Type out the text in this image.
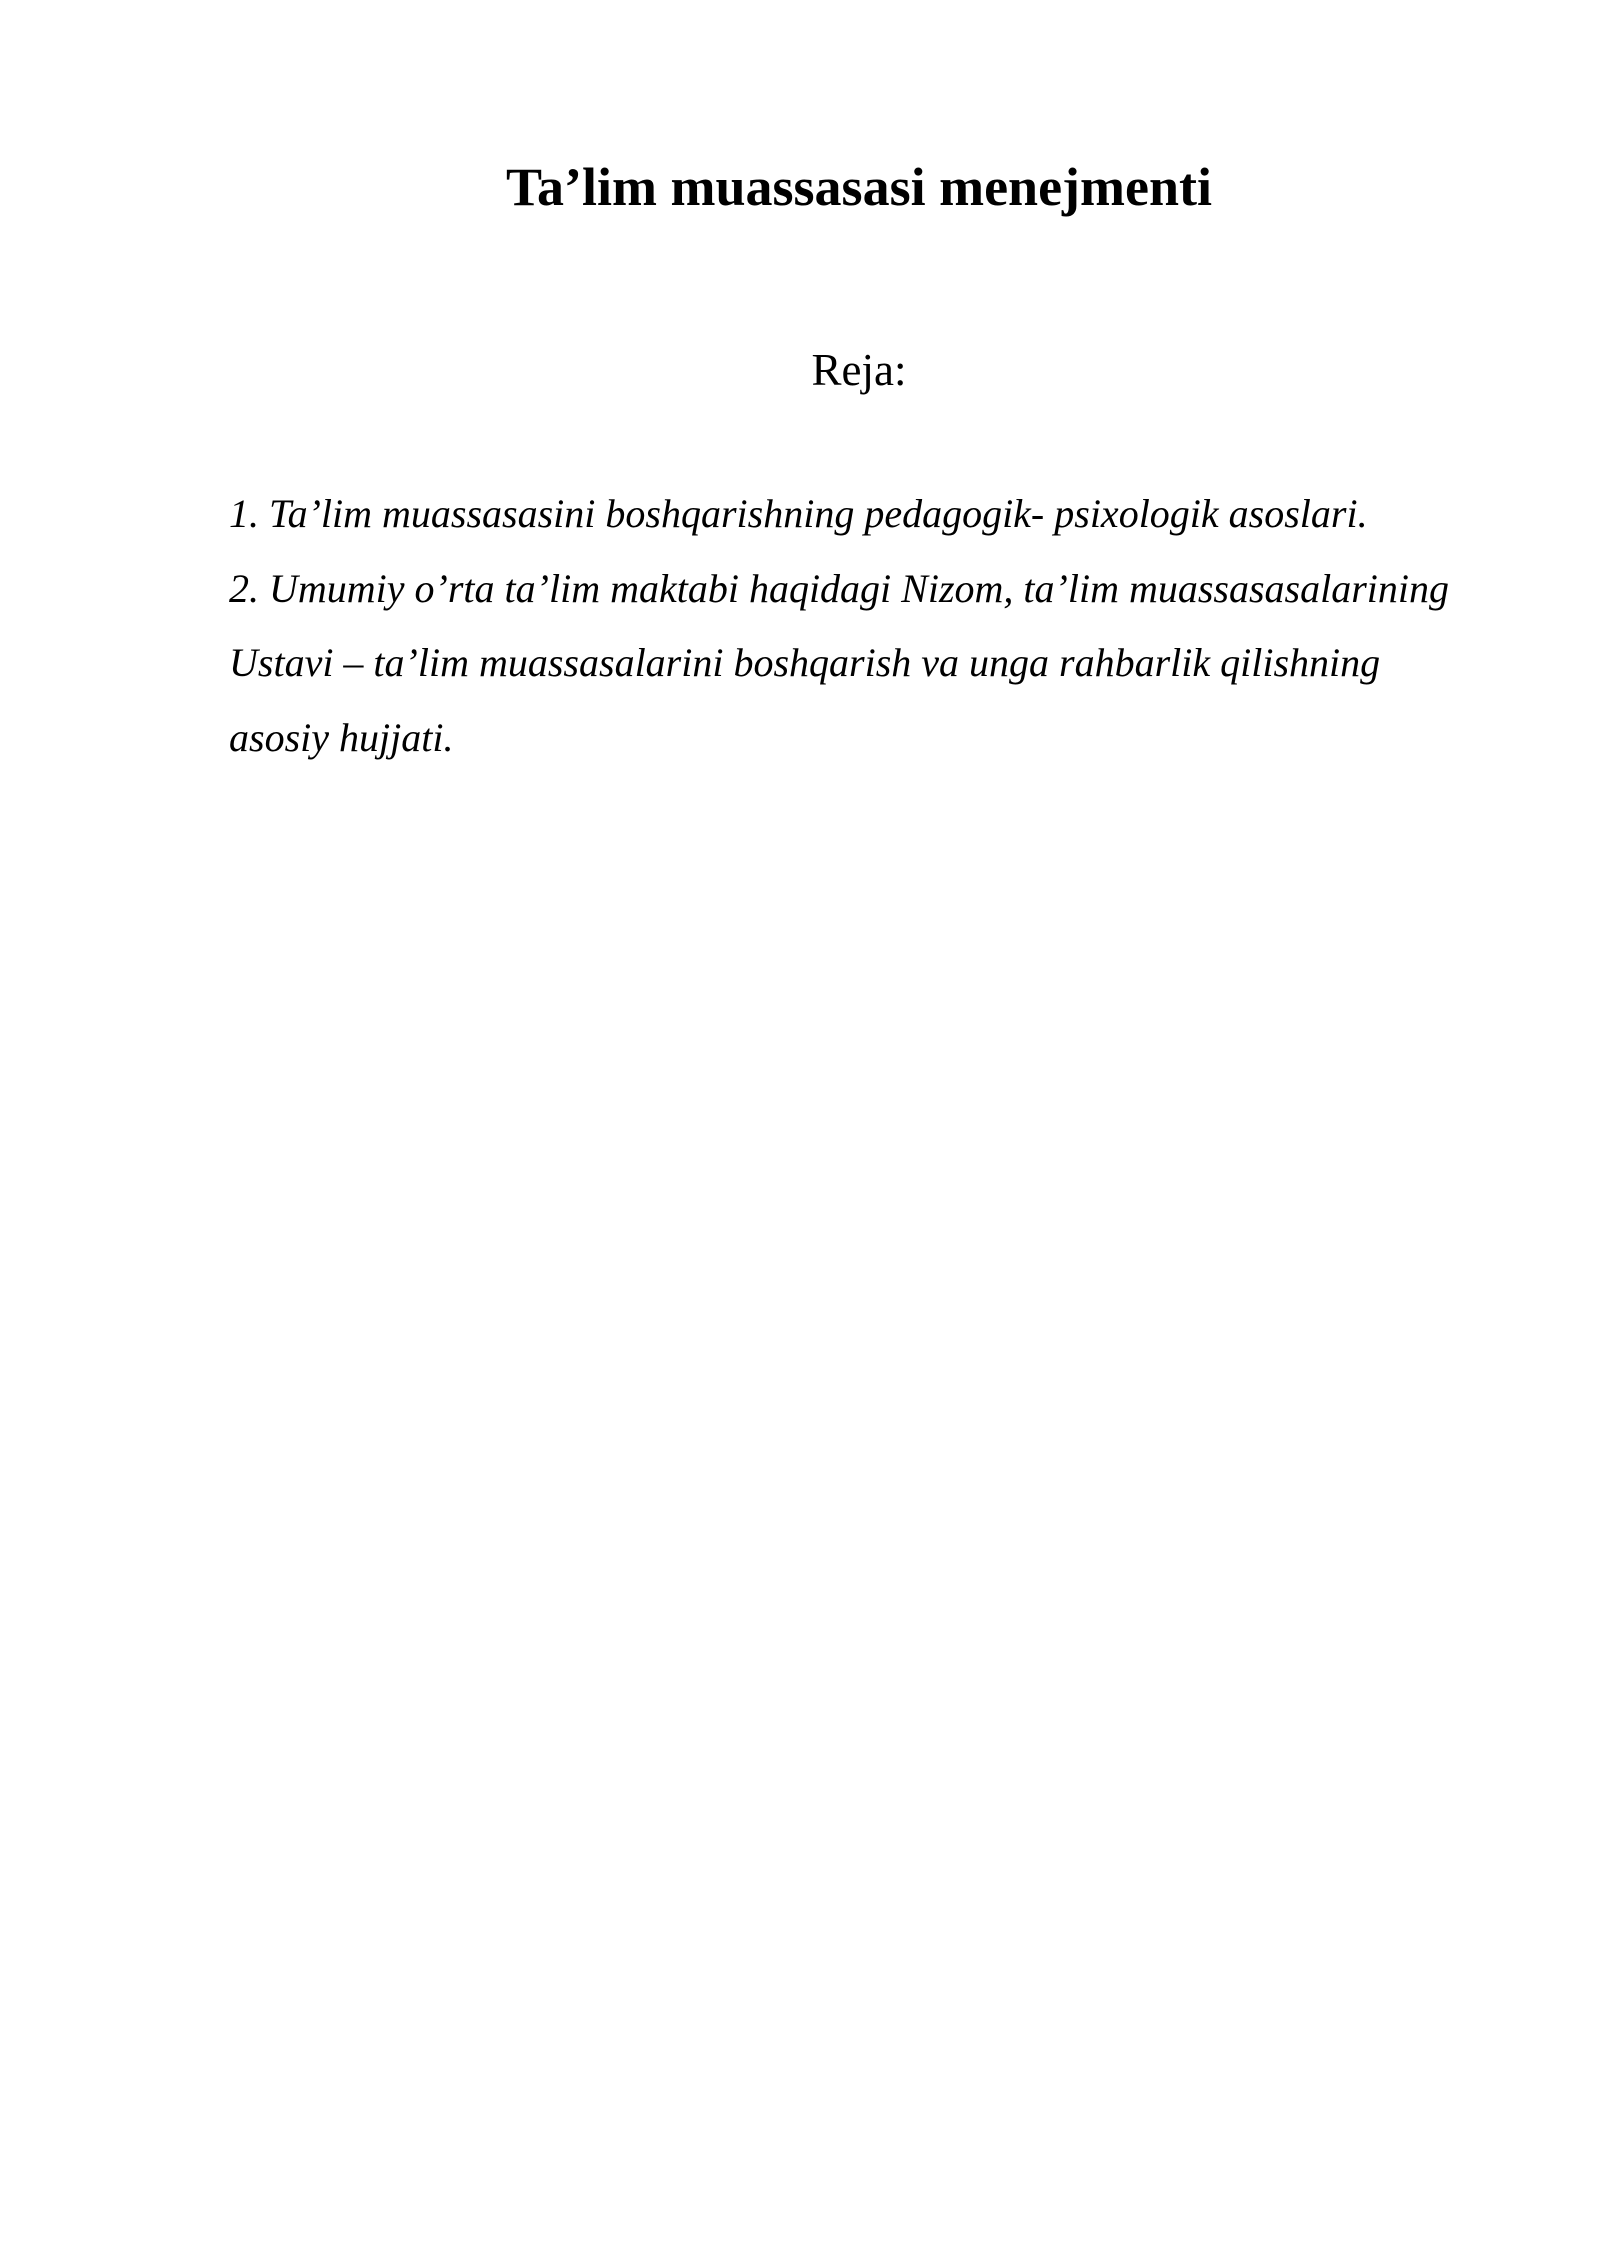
Ta’lim muassasasi menejmenti
Reja:
1. Ta’lim muassasasini boshqarishning pedagogik- psixologik asoslari.
2. Umumiy o’rta ta’lim maktabi haqidagi Nizom, ta’lim muassasasalarining Ustavi – ta’lim muassasalarini boshqarish va unga rahbarlik qilishning asosiy hujjati.
